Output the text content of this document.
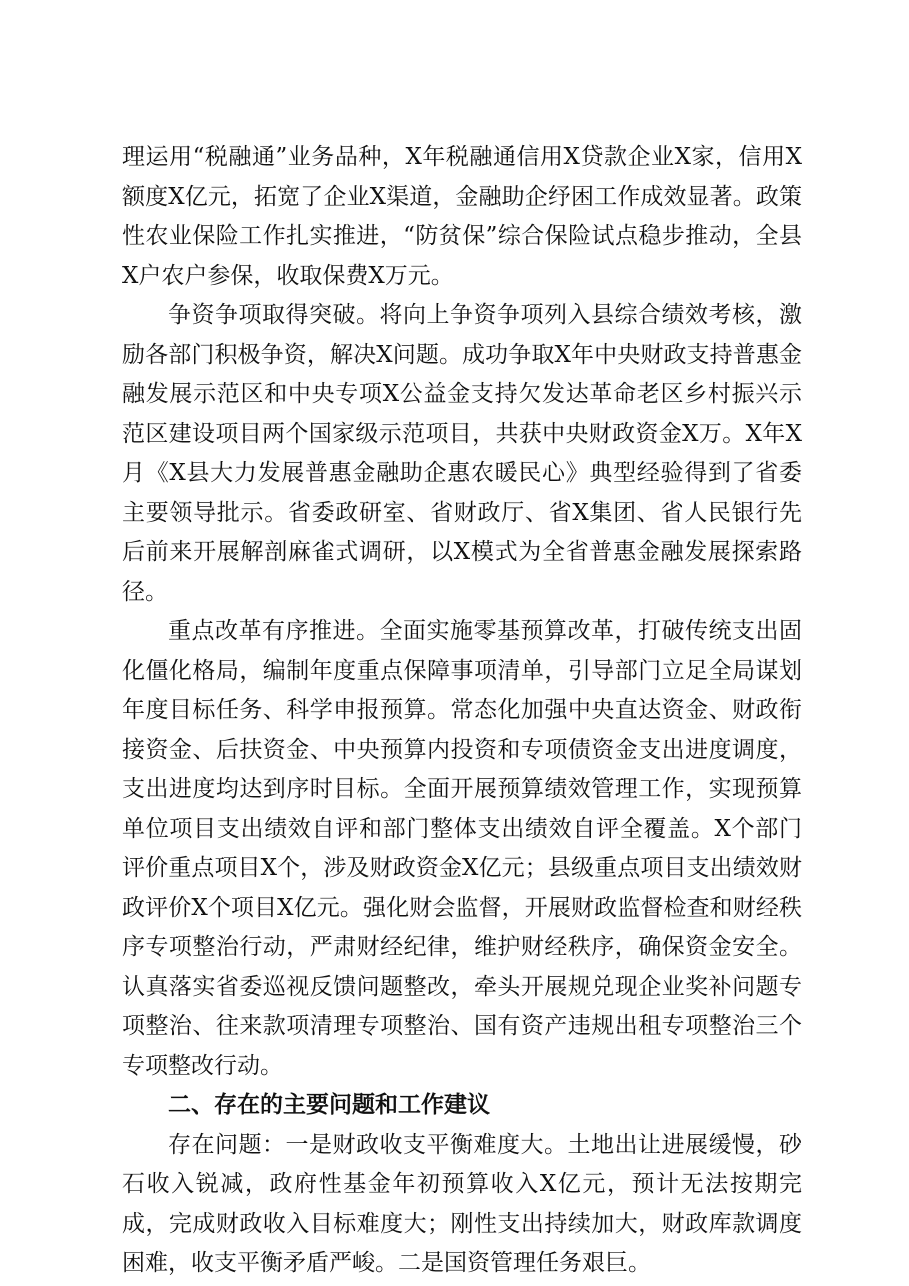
理运用“税融通”业务品种，X年税融通信用X贷款企业X家，信用X额度X亿元，拓宽了企业X渠道，金融助企纾困工作成效显著。政策性农业保险工作扎实推进，“防贫保”综合保险试点稳步推动，全县X户农户参保，收取保费X万元。

争资争项取得突破。将向上争资争项列入县综合绩效考核，激励各部门积极争资，解决X问题。成功争取X年中央财政支持普惠金融发展示范区和中央专项X公益金支持欠发达革命老区乡村振兴示范区建设项目两个国家级示范项目，共获中央财政资金X万。X年X月《X县大力发展普惠金融助企惠农暖民心》典型经验得到了省委主要领导批示。省委政研室、省财政厅、省X集团、省人民银行先后前来开展解剖麻雀式调研，以X模式为全省普惠金融发展探索路径。

重点改革有序推进。全面实施零基预算改革，打破传统支出固化僵化格局，编制年度重点保障事项清单，引导部门立足全局谋划年度目标任务、科学申报预算。常态化加强中央直达资金、财政衔接资金、后扶资金、中央预算内投资和专项债资金支出进度调度，支出进度均达到序时目标。全面开展预算绩效管理工作，实现预算单位项目支出绩效自评和部门整体支出绩效自评全覆盖。X个部门评价重点项目X个，涉及财政资金X亿元；县级重点项目支出绩效财政评价X个项目X亿元。强化财会监督，开展财政监督检查和财经秩序专项整治行动，严肃财经纪律，维护财经秩序，确保资金安全。认真落实省委巡视反馈问题整改，牵头开展规兑现企业奖补问题专项整治、往来款项清理专项整治、国有资产违规出租专项整治三个专项整改行动。

二、存在的主要问题和工作建议

存在问题：一是财政收支平衡难度大。土地出让进展缓慢，砂石收入锐减，政府性基金年初预算收入X亿元，预计无法按期完成，完成财政收入目标难度大；刚性支出持续加大，财政库款调度困难，收支平衡矛盾严峻。二是国资管理任务艰巨。
